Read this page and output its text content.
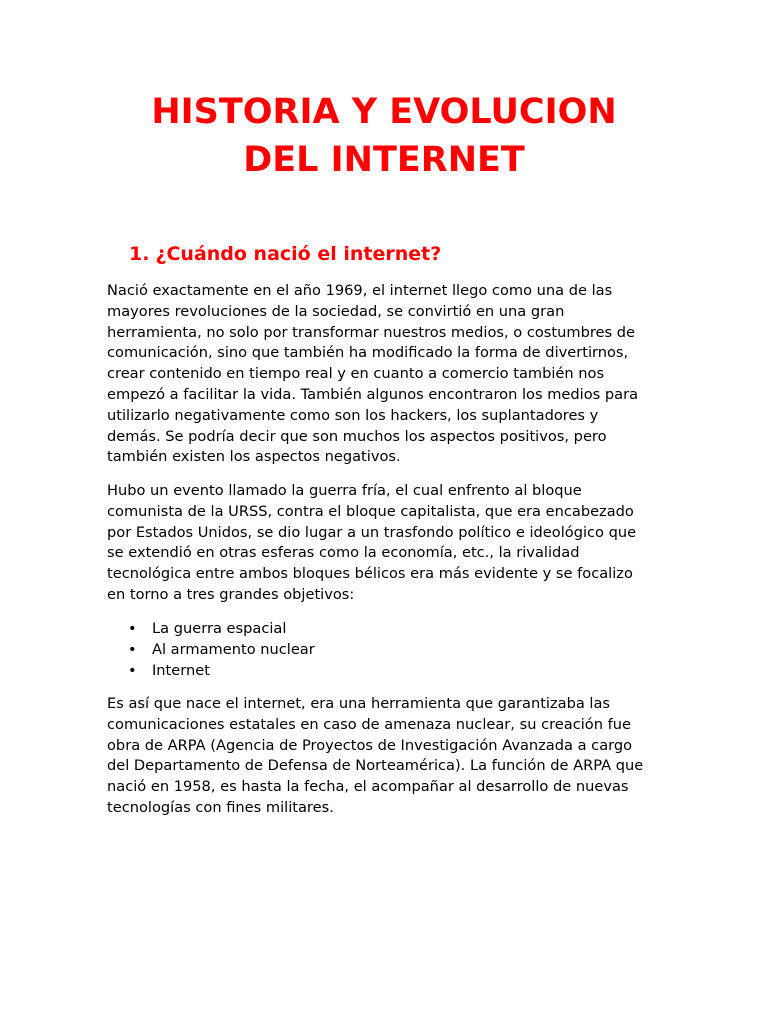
HISTORIA Y EVOLUCION
DEL INTERNET
1. ¿Cuándo nació el internet?

Nació exactamente en el año 1969, el internet llego como una de las
mayores revoluciones de la sociedad, se convirtió en una gran
herramienta, no solo por transformar nuestros medios, o costumbres de
comunicación, sino que también ha modificado la forma de divertirnos,
crear contenido en tiempo real y en cuanto a comercio también nos
empezó a facilitar la vida. También algunos encontraron los medios para
utilizarlo negativamente como son los hackers, los suplantadores y
demás. Se podría decir que son muchos los aspectos positivos, pero
también existen los aspectos negativos.

Hubo un evento llamado la guerra fría, el cual enfrento al bloque
comunista de la URSS, contra el bloque capitalista, que era encabezado
por Estados Unidos, se dio lugar a un trasfondo político e ideológico que
se extendió en otras esferas como la economía, etc., la rivalidad
tecnológica entre ambos bloques bélicos era más evidente y se focalizo
en torno a tres grandes objetivos:

• La guerra espacial
• Al armamento nuclear
• Internet

Es así que nace el internet, era una herramienta que garantizaba las
comunicaciones estatales en caso de amenaza nuclear, su creación fue
obra de ARPA (Agencia de Proyectos de Investigación Avanzada a cargo
del Departamento de Defensa de Norteamérica). La función de ARPA que
nació en 1958, es hasta la fecha, el acompañar al desarrollo de nuevas
tecnologías con fines militares.
